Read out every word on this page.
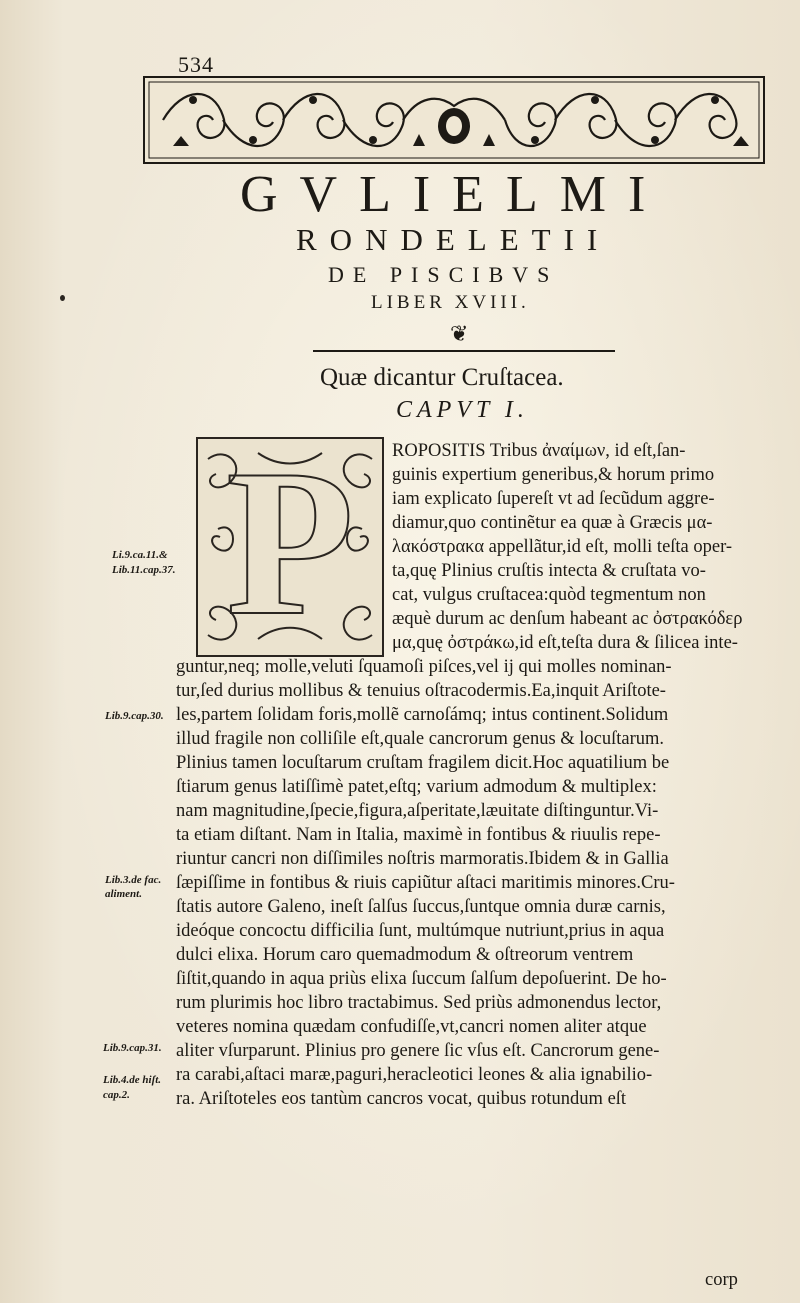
534
GVLIELMI
RONDELETII
DE PISCIBVS
LIBER XVIII.
❦
Quæ dicantur Cruſtacea.
CAPVT I.
P ROPOSITIS Tribus ἀναίμων, id eſt,ſan-
guinis expertium generibus,& horum primo
iam explicato ſupereſt vt ad ſecũdum aggre-
diamur,quo continẽtur ea quæ à Græcis μα-
λακόστρακα appellãtur,id eſt, molli teſta oper-
ta,quę Plinius cruſtis intecta & cruſtata vo-
cat, vulgus cruſtacea:quòd tegmentum non
æquè durum ac denſum habeant ac ὀστρακόδερ
μα,quę ὀστράκω,id eſt,teſta dura & ſilicea inte-
guntur,neq; molle,veluti ſquamoſi piſces,vel ij qui molles nominan-
tur,ſed durius mollibus & tenuius oſtracodermis.Ea,inquit Ariſtote-
les,partem ſolidam foris,mollẽ carnoſámq; intus continent.Solidum
illud fragile non colliſile eſt,quale cancrorum genus & locuſtarum.
Plinius tamen locuſtarum cruſtam fragilem dicit.Hoc aquatilium be
ſtiarum genus latiſſimè patet,eſtq; varium admodum & multiplex:
nam magnitudine,ſpecie,figura,aſperitate,læuitate diſtinguntur.Vi-
ta etiam diſtant. Nam in Italia, maximè in fontibus & riuulis repe-
riuntur cancri non diſſimiles noſtris marmoratis.Ibidem & in Gallia
ſæpiſſime in fontibus & riuis capiũtur aſtaci maritimis minores.Cru-
ſtatis autore Galeno, ineſt ſalſus ſuccus,ſuntque omnia duræ carnis,
ideóque concoctu difficilia ſunt, multúmque nutriunt,prius in aqua
dulci elixa. Horum caro quemadmodum & oſtreorum ventrem
ſiſtit,quando in aqua priùs elixa ſuccum ſalſum depoſuerint. De ho-
rum plurimis hoc libro tractabimus. Sed priùs admonendus lector,
veteres nomina quædam confudiſſe,vt,cancri nomen aliter atque
aliter vſurparunt. Plinius pro genere ſic vſus eſt. Cancrorum gene-
ra carabi,aſtaci maræ,paguri,heracleotici leones & alia ignabilio-
ra. Ariſtoteles eos tantùm cancros vocat, quibus rotundum eſt
Li.9.ca.11.&
Lib.11.cap.37.
Lib.9.cap.30.
Lib.3.de fac.
aliment.
Lib.9.cap.31.
Lib.4.de hiſt.
cap.2.
corp
